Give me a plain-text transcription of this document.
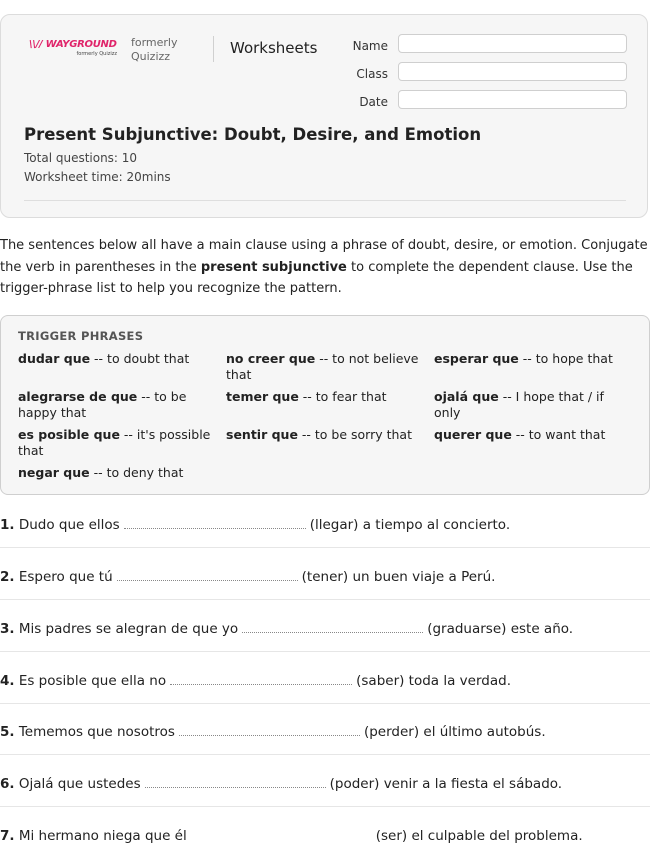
\\// WAYGROUND
formerly Quizizz
formerly Quizizz	Worksheets	Name
Class
Date
Present Subjunctive: Doubt, Desire, and Emotion
Total questions: 10
Worksheet time: 20mins
The sentences below all have a main clause using a phrase of doubt, desire, or emotion. Conjugate the verb in parentheses in the present subjunctive to complete the dependent clause. Use the trigger-phrase list to help you recognize the pattern.
TRIGGER PHRASES
dudar que -- to doubt that	no creer que -- to not believe that
esperar que -- to hope that
alegrarse de que -- to be happy that
temer que -- to fear that	ojalá que -- I hope that / if only
es posible que -- it's possible that
sentir que -- to be sorry that	querer que -- to want that
negar que -- to deny that
1. Dudo que ellos	(llegar) a tiempo al concierto.
2. Espero que tú	(tener) un buen viaje a Perú.
3. Mis padres se alegran de que yo	(graduarse) este año.
4. Es posible que ella no	(saber) toda la verdad.
5. Tememos que nosotros	(perder) el último autobús.
6. Ojalá que ustedes	(poder) venir a la fiesta el sábado.
7. Mi hermano niega que él	(ser) el culpable del problema.
